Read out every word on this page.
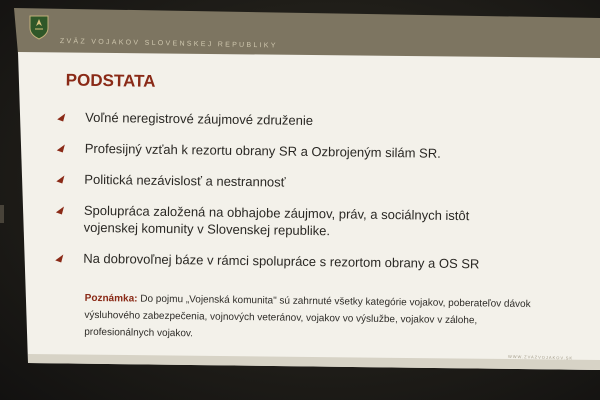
ZVÄZ VOJAKOV SLOVENSKEJ REPUBLIKY
PODSTATA
Voľné neregistrové záujmové združenie
Profesijný vzťah k rezortu obrany SR a Ozbrojeným silám SR.
Politická nezávislosť a nestrannosť
Spolupráca založená na obhajobe záujmov, práv, a sociálnych istôt vojenskej komunity v Slovenskej republike.
Na dobrovoľnej báze v rámci spolupráce s rezortom obrany a OS SR
Poznámka: Do pojmu „Vojenská komunita" sú zahrnuté všetky kategórie vojakov, poberateľov dávok výsluhového zabezpečenia, vojnových veteránov, vojakov vo výslužbe, vojakov v zálohe, profesionálnych vojakov.
WWW.ZVAZVOJAKOV.SK
